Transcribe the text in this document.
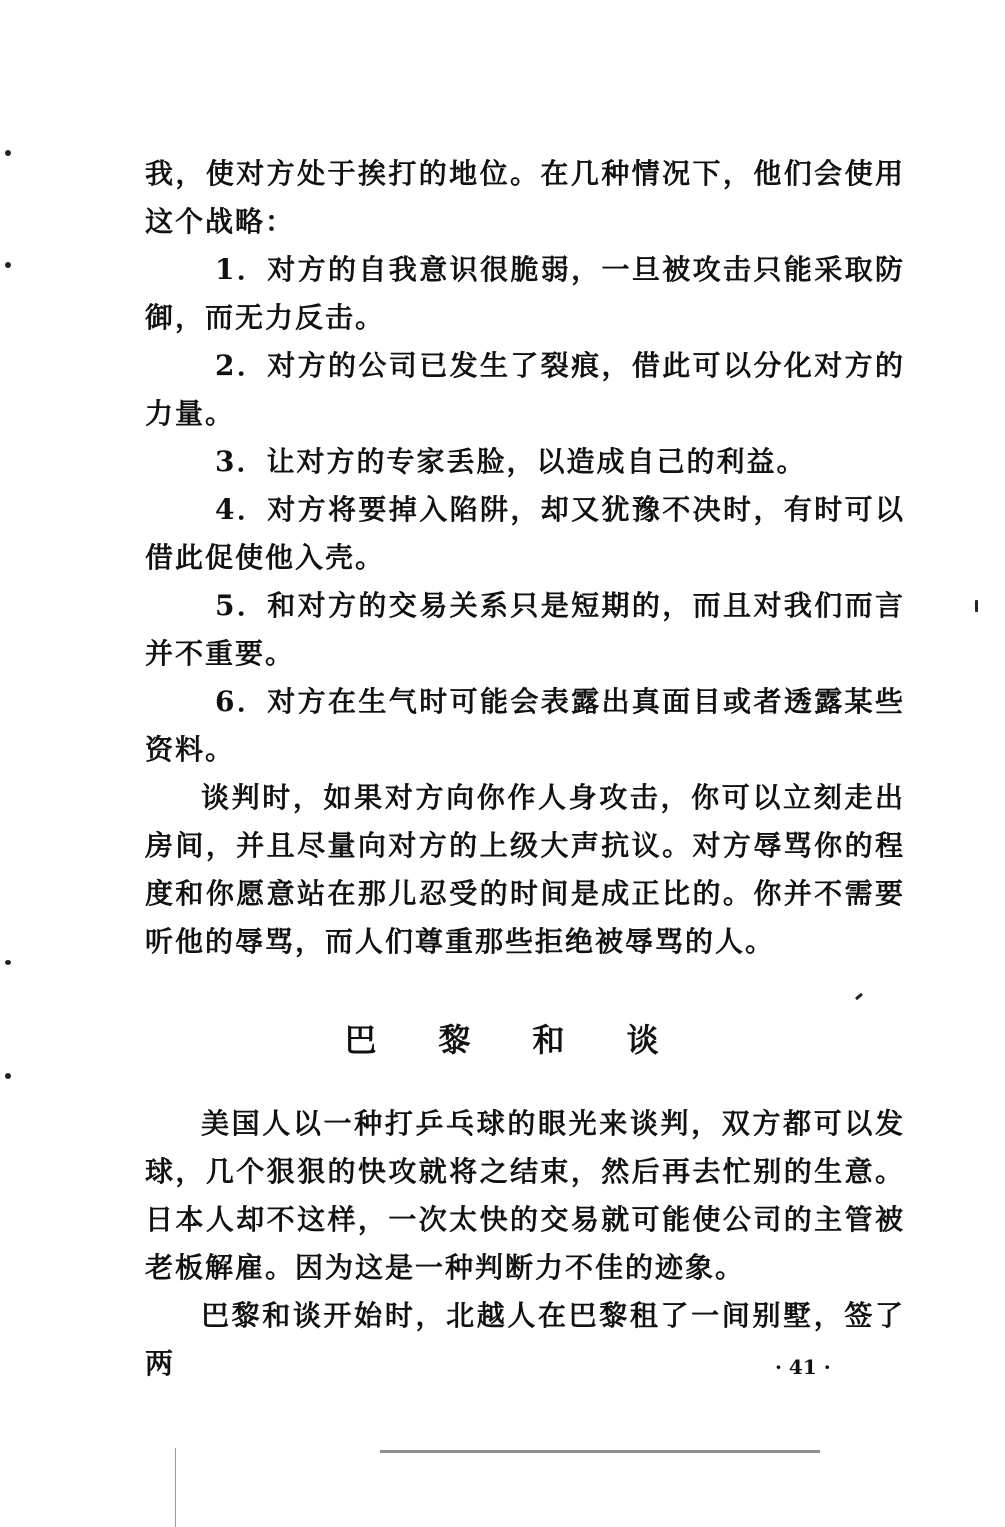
我，使对方处于挨打的地位。在几种情况下，他们会使用这个战略：

1．对方的自我意识很脆弱，一旦被攻击只能采取防御，而无力反击。

2．对方的公司已发生了裂痕，借此可以分化对方的力量。

3．让对方的专家丢脸，以造成自己的利益。

4．对方将要掉入陷阱，却又犹豫不决时，有时可以借此促使他入壳。

5．和对方的交易关系只是短期的，而且对我们而言并不重要。

6．对方在生气时可能会表露出真面目或者透露某些资料。

谈判时，如果对方向你作人身攻击，你可以立刻走出房间，并且尽量向对方的上级大声抗议。对方辱骂你的程度和你愿意站在那儿忍受的时间是成正比的。你并不需要听他的辱骂，而人们尊重那些拒绝被辱骂的人。

巴 黎 和 谈

美国人以一种打乒乓球的眼光来谈判，双方都可以发球，几个狠狠的快攻就将之结束，然后再去忙别的生意。日本人却不这样，一次太快的交易就可能使公司的主管被老板解雇。因为这是一种判断力不佳的迹象。

巴黎和谈开始时，北越人在巴黎租了一间别墅，签了两	· 41 ·
